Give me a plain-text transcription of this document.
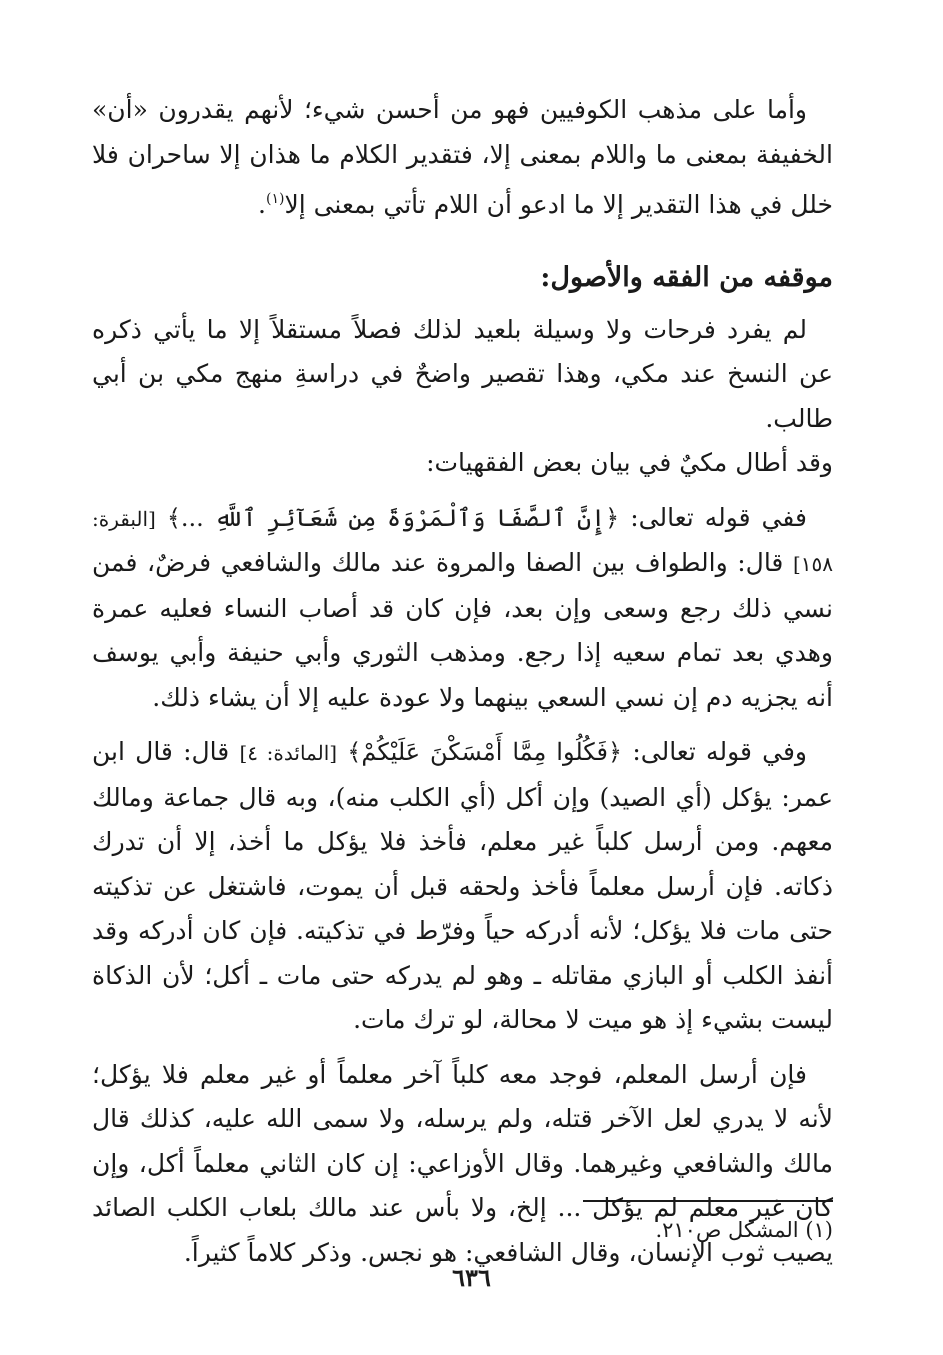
وأما على مذهب الكوفيين فهو من أحسن شيء؛ لأنهم يقدرون «أن» الخفيفة بمعنى ما واللام بمعنى إلا، فتقدير الكلام ما هذان إلا ساحران فلا خلل في هذا التقدير إلا ما ادعو أن اللام تأتي بمعنى إلا$^{(١)}$.

موقفه من الفقه والأصول:

لم يفرد فرحات ولا وسيلة بلعيد لذلك فصلاً مستقلاً إلا ما يأتي ذكره عن النسخ عند مكي، وهذا تقصير واضحٌ في دراسةِ منهج مكي بن أبي طالب.

وقد أطال مكيٌ في بيان بعض الفقهيات:

ففي قوله تعالى: ﴿إِنَّ ٱلصَّفَا وَٱلْمَرْوَةَ مِن شَعَآئِرِ ٱللَّهِ ...﴾ [البقرة: ١٥٨] قال: والطواف بين الصفا والمروة عند مالك والشافعي فرضٌ، فمن نسي ذلك رجع وسعى وإن بعد، فإن كان قد أصاب النساء فعليه عمرة وهدي بعد تمام سعيه إذا رجع. ومذهب الثوري وأبي حنيفة وأبي يوسف أنه يجزيه دم إن نسي السعي بينهما ولا عودة عليه إلا أن يشاء ذلك.

وفي قوله تعالى: ﴿فَكُلُوا مِمَّا أَمْسَكْنَ عَلَيْكُمْ﴾ [المائدة: ٤] قال: قال ابن عمر: يؤكل (أي الصيد) وإن أكل (أي الكلب منه)، وبه قال جماعة ومالك معهم. ومن أرسل كلباً غير معلم، فأخذ فلا يؤكل ما أخذ، إلا أن تدرك ذكاته. فإن أرسل معلماً فأخذ ولحقه قبل أن يموت، فاشتغل عن تذكيته حتى مات فلا يؤكل؛ لأنه أدركه حياً وفرّط في تذكيته. فإن كان أدركه وقد أنفذ الكلب أو البازي مقاتله ـ وهو لم يدركه حتى مات ـ أكل؛ لأن الذكاة ليست بشيء إذ هو ميت لا محالة، لو ترك مات.

فإن أرسل المعلم، فوجد معه كلباً آخر معلماً أو غير معلم فلا يؤكل؛ لأنه لا يدري لعل الآخر قتله، ولم يرسله، ولا سمى الله عليه، كذلك قال مالك والشافعي وغيرهما. وقال الأوزاعي: إن كان الثاني معلماً أكل، وإن كان غير معلم لم يؤكل ... إلخ، ولا بأس عند مالك بلعاب الكلب الصائد يصيب ثوب الإنسان، وقال الشافعي: هو نجس. وذكر كلاماً كثيراً.

(١) المشكل ص٢١٠.

٦٣٦
